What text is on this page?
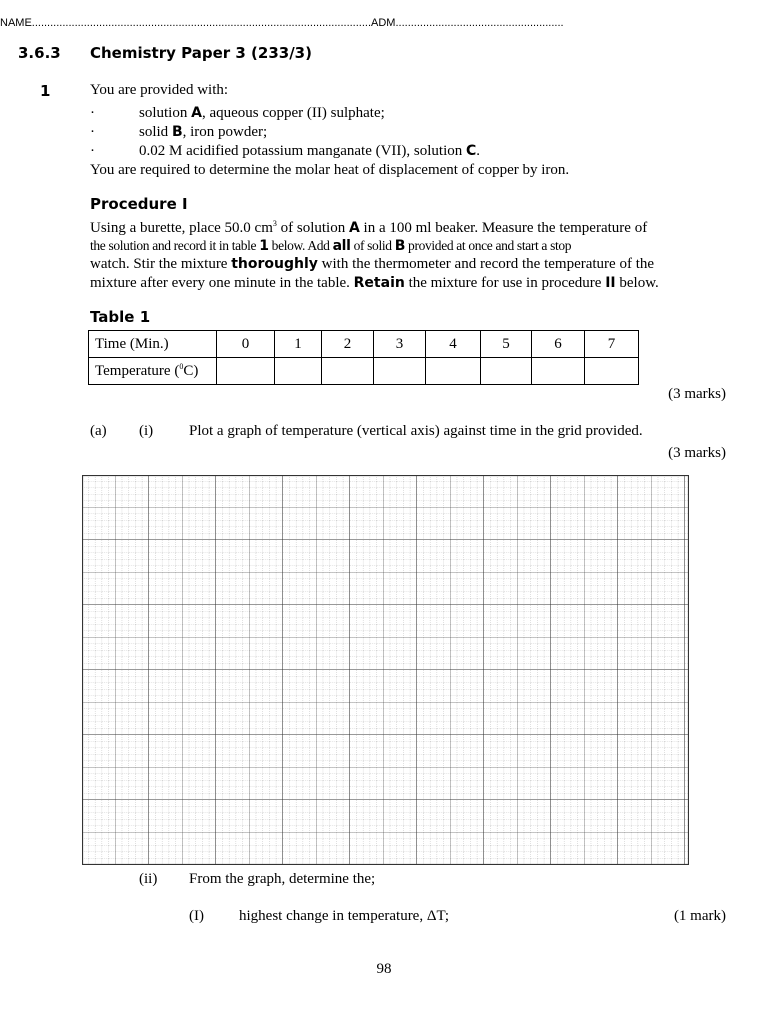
NAME...............................................................................................................ADM.......................................................
3.6.3 Chemistry Paper 3 (233/3)
1	You are provided with:
·	solution A, aqueous copper (II) sulphate;
·	solid B, iron powder;
·	0.02 M acidified potassium manganate (VII), solution C.
You are required to determine the molar heat of displacement of copper by iron.
Procedure I
Using a burette, place 50.0 $cm^3$ of solution A in a 100 ml beaker. Measure the temperature of
the solution and record it in table 1 below. Add all of solid B provided at once and start a stop
watch. Stir the mixture thoroughly with the thermometer and record the temperature of the
mixture after every one minute in the table. Retain the mixture for use in procedure II below.
Table 1
Time (Min.)	0	1	2	3	4	5	6	7
Temperature ($^0$C)								
(3 marks)
(a) (i) Plot a graph of temperature (vertical axis) against time in the grid provided.
(3 marks)
(ii) From the graph, determine the;
(I) highest change in temperature, ΔT;	(1 mark)
98
